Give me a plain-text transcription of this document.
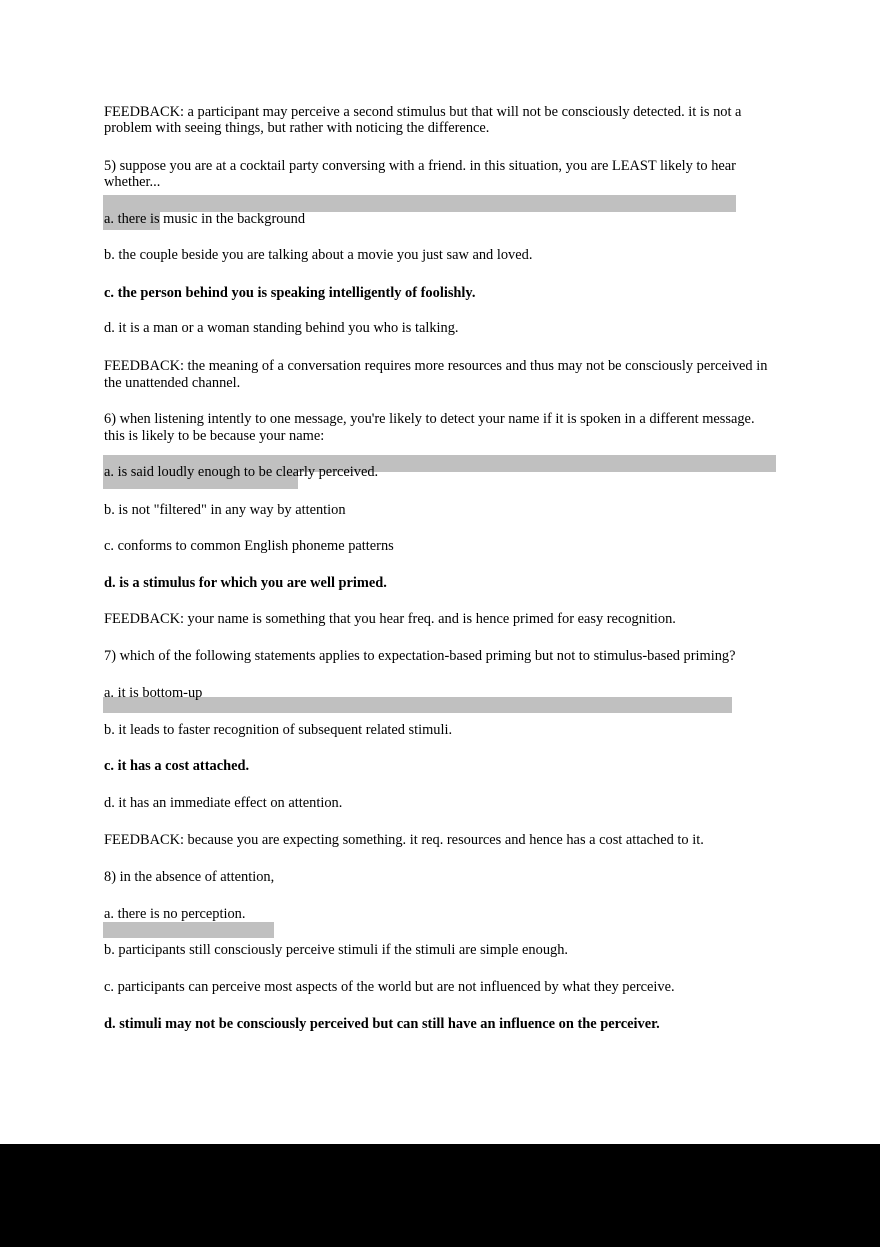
FEEDBACK: a participant may perceive a second stimulus but that will not be consciously detected. it is not a
problem with seeing things, but rather with noticing the difference.
5) suppose you are at a cocktail party conversing with a friend. in this situation, you are LEAST likely to hear
whether...
a. there is music in the background
b. the couple beside you are talking about a movie you just saw and loved.
c. the person behind you is speaking intelligently of foolishly.
d. it is a man or a woman standing behind you who is talking.
FEEDBACK: the meaning of a conversation requires more resources and thus may not be consciously perceived in
the unattended channel.
6) when listening intently to one message, you're likely to detect your name if it is spoken in a different message.
this is likely to be because your name:
a. is said loudly enough to be clearly perceived.
b. is not "filtered" in any way by attention
c. conforms to common English phoneme patterns
d. is a stimulus for which you are well primed.
FEEDBACK: your name is something that you hear freq. and is hence primed for easy recognition.
7) which of the following statements applies to expectation-based priming but not to stimulus-based priming?
a. it is bottom-up
b. it leads to faster recognition of subsequent related stimuli.
c. it has a cost attached.
d. it has an immediate effect on attention.
FEEDBACK: because you are expecting something. it req. resources and hence has a cost attached to it.
8) in the absence of attention,
a. there is no perception.
b. participants still consciously perceive stimuli if the stimuli are simple enough.
c. participants can perceive most aspects of the world but are not influenced by what they perceive.
d. stimuli may not be consciously perceived but can still have an influence on the perceiver.
